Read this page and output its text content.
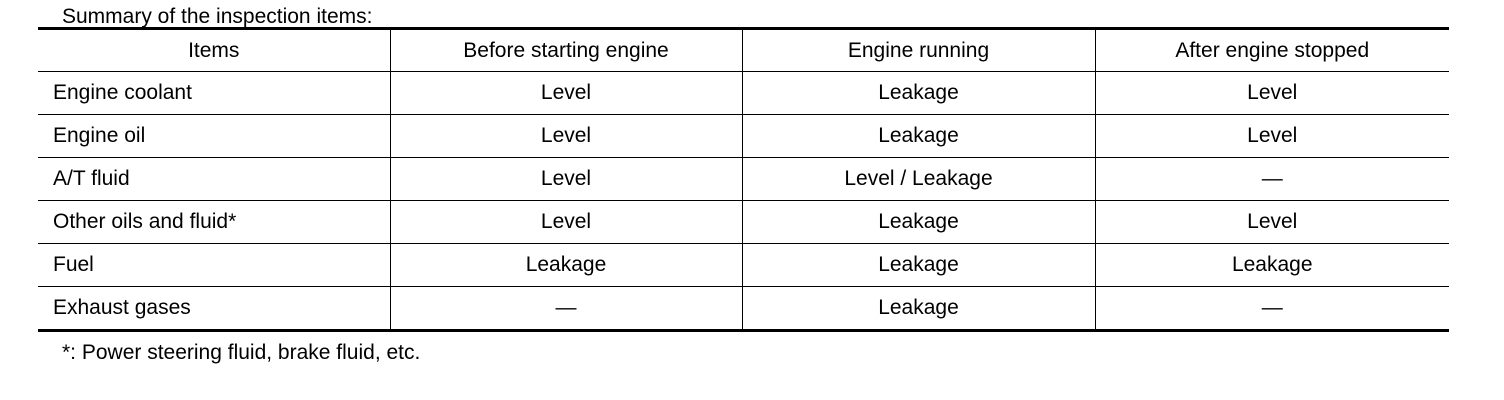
Summary of the inspection items:
Items	Before starting engine	Engine running	After engine stopped
Engine coolant	Level	Leakage	Level
Engine oil	Level	Leakage	Level
A/T fluid	Level	Level / Leakage	—
Other oils and fluid*	Level	Leakage	Level
Fuel	Leakage	Leakage	Leakage
Exhaust gases	—	Leakage	—
*: Power steering fluid, brake fluid, etc.
